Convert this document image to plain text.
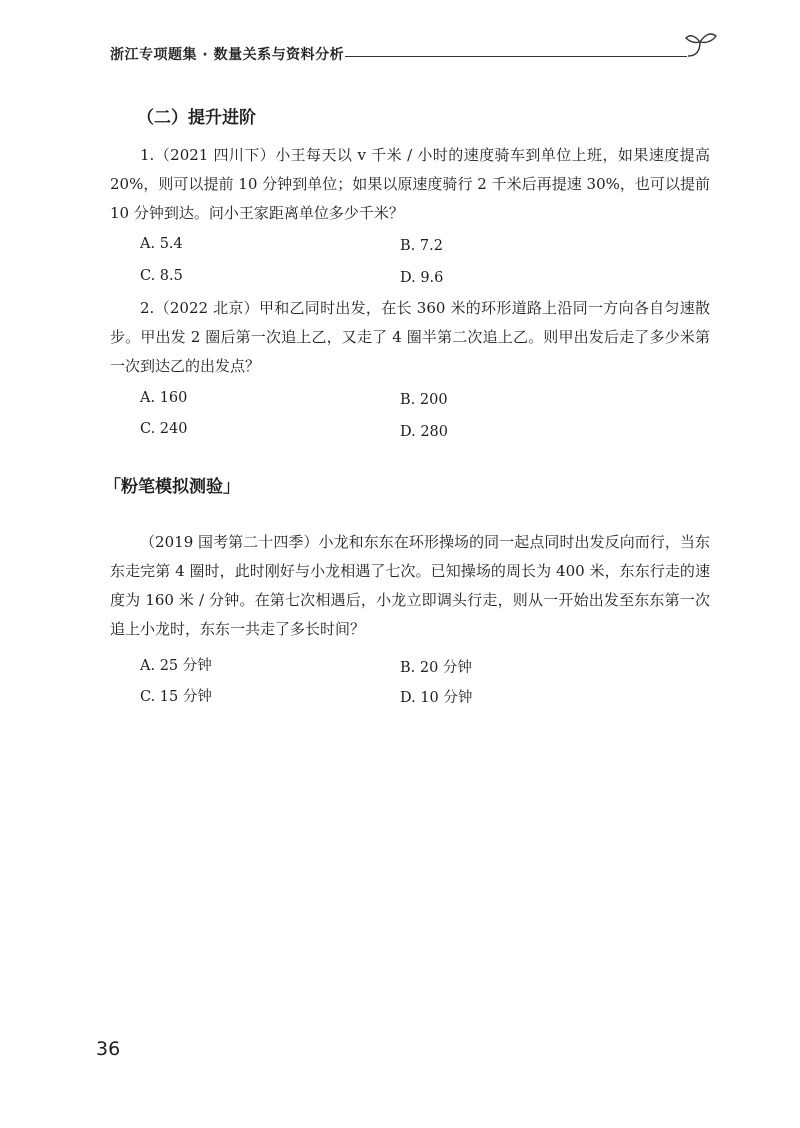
浙江专项题集 · 数量关系与资料分析
（二）提升进阶
1.（2021 四川下）小王每天以 v 千米 / 小时的速度骑车到单位上班，如果速度提高 20%，则可以提前 10 分钟到单位；如果以原速度骑行 2 千米后再提速 30%，也可以提前 10 分钟到达。问小王家距离单位多少千米？
A. 5.4	B. 7.2
C. 8.5	D. 9.6
2.（2022 北京）甲和乙同时出发，在长 360 米的环形道路上沿同一方向各自匀速散步。甲出发 2 圈后第一次追上乙，又走了 4 圈半第二次追上乙。则甲出发后走了多少米第一次到达乙的出发点？
A. 160	B. 200
C. 240	D. 280
「粉笔模拟测验」
（2019 国考第二十四季）小龙和东东在环形操场的同一起点同时出发反向而行，当东东走完第 4 圈时，此时刚好与小龙相遇了七次。已知操场的周长为 400 米，东东行走的速度为 160 米 / 分钟。在第七次相遇后，小龙立即调头行走，则从一开始出发至东东第一次追上小龙时，东东一共走了多长时间？
A. 25 分钟	B. 20 分钟
C. 15 分钟	D. 10 分钟
36
